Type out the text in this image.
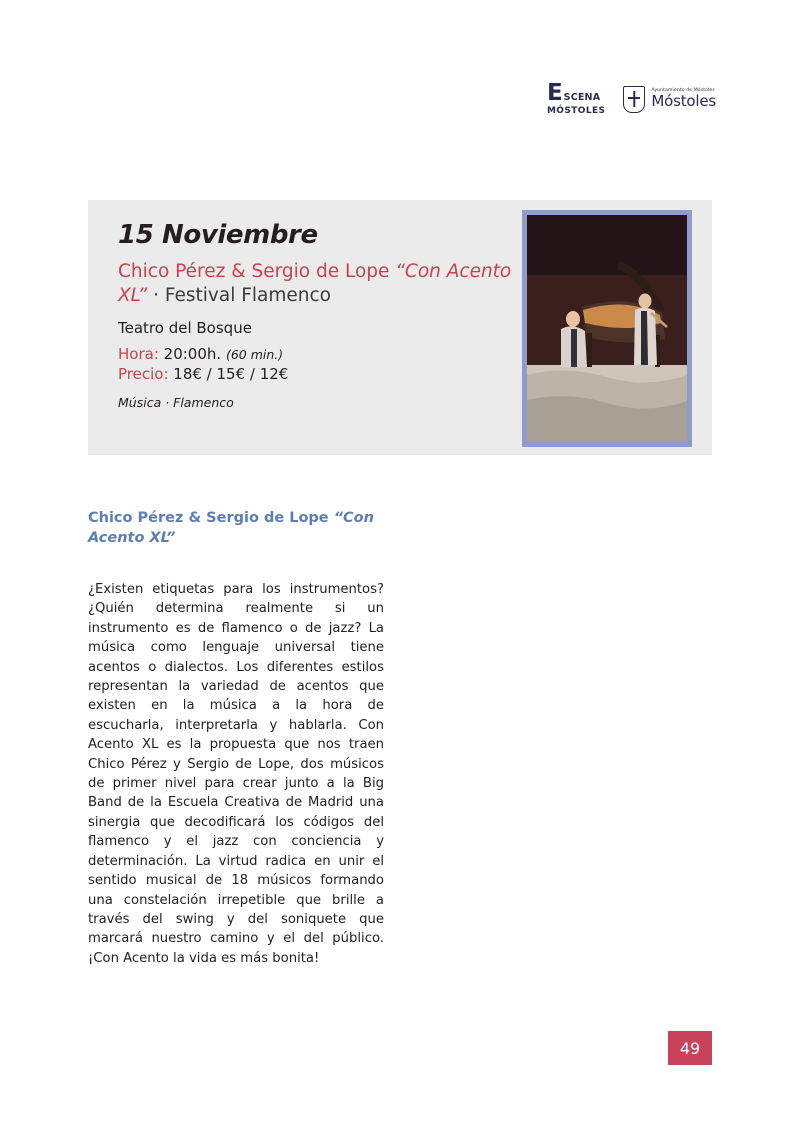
E SCENA
MÓSTOLES
Ayuntamiento de Móstoles
Móstoles
15 Noviembre
Chico Pérez & Sergio de Lope “Con Acento XL” · Festival Flamenco
Teatro del Bosque
Hora: 20:00h. (60 min.)
Precio: 18€ / 15€ / 12€
Música · Flamenco
Chico Pérez & Sergio de Lope “Con Acento XL”

¿Existen etiquetas para los instrumentos? ¿Quién determina realmente si un instrumento es de flamenco o de jazz? La música como lenguaje universal tiene acentos o dialectos. Los diferentes estilos representan la variedad de acentos que existen en la música a la hora de escucharla, interpretarla y hablarla. Con Acento XL es la propuesta que nos traen Chico Pérez y Sergio de Lope, dos músicos de primer nivel para crear junto a la Big Band de la Escuela Creativa de Madrid una sinergia que decodificará los códigos del flamenco y el jazz con conciencia y determinación. La virtud radica en unir el sentido musical de 18 músicos formando una constelación irrepetible que brille a través del swing y del soniquete que marcará nuestro camino y el del público. ¡Con Acento la vida es más bonita!

49
